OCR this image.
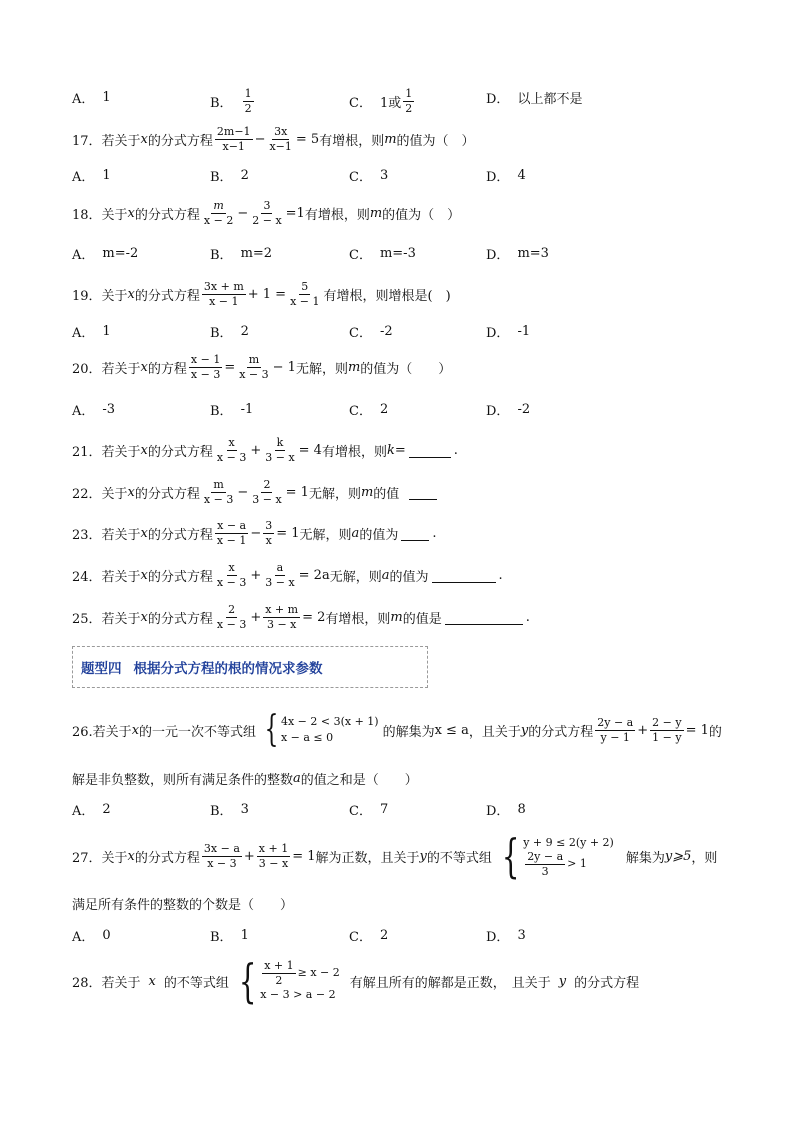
A． 1	B． $\frac{1}{2}$	C． 1或 $\frac{1}{2}$	D． 以上都不是
17．若关于 x 的分式方程 $\frac{2m-1}{x-1} - \frac{3x}{x-1} = 5$ 有增根，则 m 的值为（　）
A． 1	B． 2	C． 3	D． 4
18．关于 x 的分式方程 $\frac{m}{x - 2} - \frac{3}{2 - x} =1$ 有增根，则 m 的值为（　）
A． m=-2	B． m=2	C． m=-3	D． m=3
19．关于 x 的分式方程 $\frac{3x + m}{x - 1} + 1 = \frac{5}{x - 1}$ 有增根，则增根是(　)
A． 1	B． 2	C． -2	D． -1
20．若关于 x 的方程 $\frac{x - 1}{x - 3} = \frac{m}{x - 3} - 1$ 无解，则 m 的值为（　　）
A． -3	B． -1	C． 2	D． -2
21．若关于 x 的分式方程 $\frac{x}{x - 3} + \frac{k}{3 - x} = 4$ 有增根，则 k =	.
22．关于 x 的分式方程 $\frac{m}{x - 3} - \frac{2}{3 - x} = 1$ 无解，则 m 的值
23．若关于 x 的分式方程 $\frac{x - a}{x - 1} - \frac{3}{x} = 1$ 无解，则 a 的值为	.
24．若关于 x 的分式方程 $\frac{x}{x - 3} + \frac{a}{3 - x} = 2a$ 无解，则 a 的值为	.
25．若关于 x 的分式方程 $\frac{2}{x - 3} + \frac{x + m}{3 - x} = 2$ 有增根，则 m 的值是	.
题型四 根据分式方程的根的情况求参数
26.若关于 x 的一元一次不等式组 { 4x − 2 < 3(x + 1)
x − a ≤ 0	的解集为 x ≤ a ，且关于 y 的分式方程 $\frac{2y - a}{y - 1} + \frac{2 - y}{1 - y} = 1$ 的
解是非负整数，则所有满足条件的整数 a 的值之和是（　　）
A． 2	B． 3	C． 7	D． 8
27．关于 x 的分式方程 $\frac{3x - a}{x - 3} + \frac{x + 1}{3 - x} = 1$ 解为正数，且关于 y 的不等式组 { y + 9 ≤ 2(y + 2)
$\frac{2y - a}{3} > 1$	解集为 y⩾5 ，则
满足所有条件的整数的个数是（　　）
A． 0	B． 1	C． 2	D． 3
28．若关于 x 的不等式组 { $\frac{x + 1}{2} \ge x - 2$
x − 3 > a − 2
有解且所有的解都是正数， 且关于 y 的分式方程
